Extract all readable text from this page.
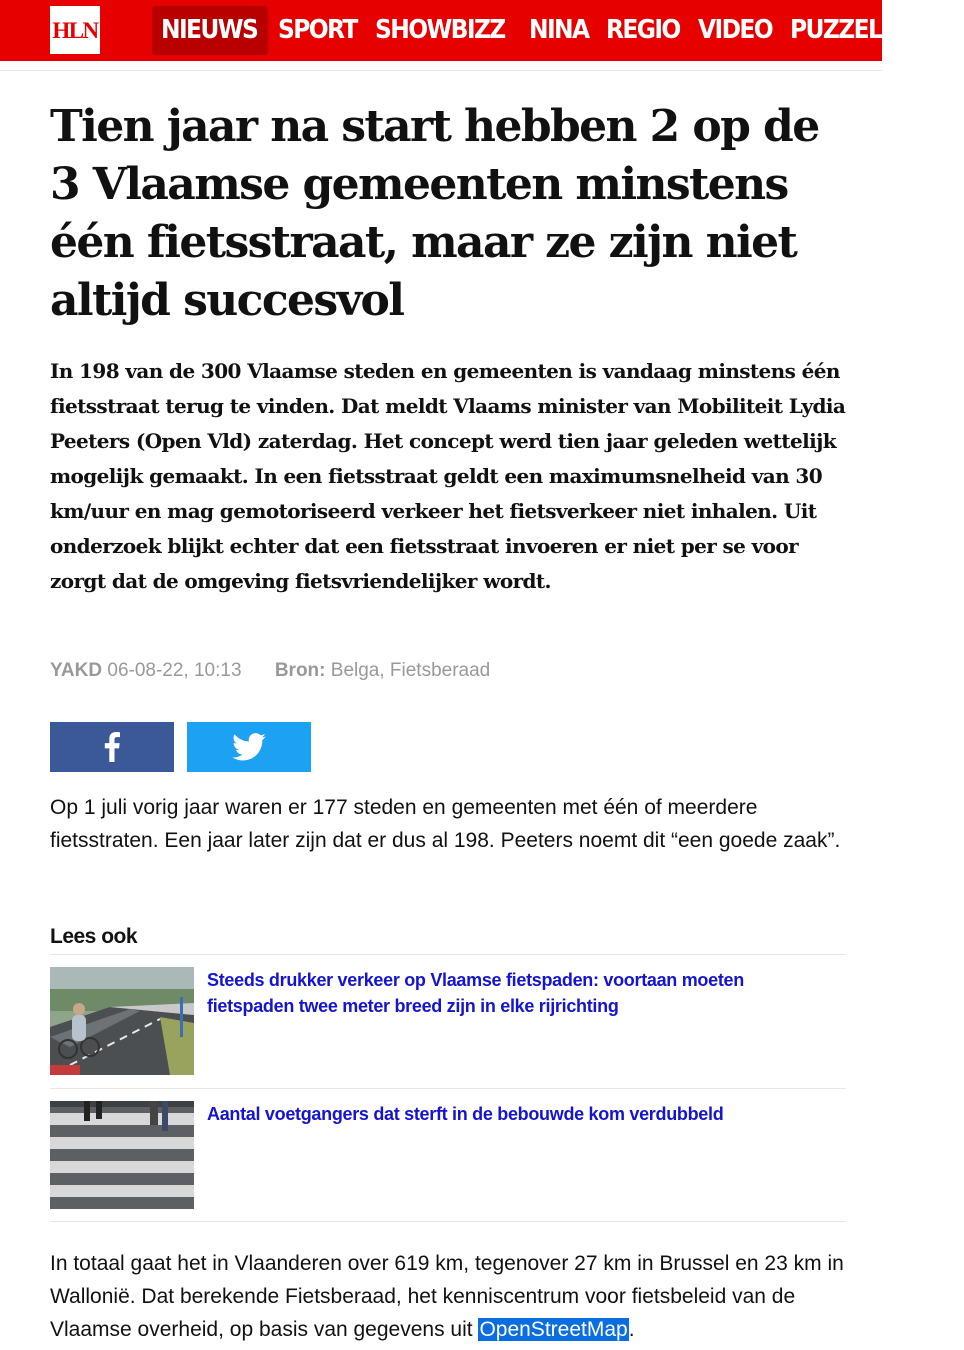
HLN	NIEUWS SPORT SHOWBIZZ NINA REGIO VIDEO PUZZEL POD
Tien jaar na start hebben 2 op de 3 Vlaamse gemeenten minstens één fietsstraat, maar ze zijn niet altijd succesvol

In 198 van de 300 Vlaamse steden en gemeenten is vandaag minstens één fietsstraat terug te vinden. Dat meldt Vlaams minister van Mobiliteit Lydia Peeters (Open Vld) zaterdag. Het concept werd tien jaar geleden wettelijk mogelijk gemaakt. In een fietsstraat geldt een maximumsnelheid van 30 km/uur en mag gemotoriseerd verkeer het fietsverkeer niet inhalen. Uit onderzoek blijkt echter dat een fietsstraat invoeren er niet per se voor zorgt dat de omgeving fietsvriendelijker wordt.

YAKD 06-08-22, 10:13 Bron: Belga, Fietsberaad

Op 1 juli vorig jaar waren er 177 steden en gemeenten met één of meerdere fietsstraten. Een jaar later zijn dat er dus al 198. Peeters noemt dit “een goede zaak”.

Lees ook
Steeds drukker verkeer op Vlaamse fietspaden: voortaan moeten fietspaden twee meter breed zijn in elke rijrichting
Aantal voetgangers dat sterft in de bebouwde kom verdubbeld

In totaal gaat het in Vlaanderen over 619 km, tegenover 27 km in Brussel en 23 km in Wallonië. Dat berekende Fietsberaad, het kenniscentrum voor fietsbeleid van de Vlaamse overheid, op basis van gegevens uit OpenStreetMap.
